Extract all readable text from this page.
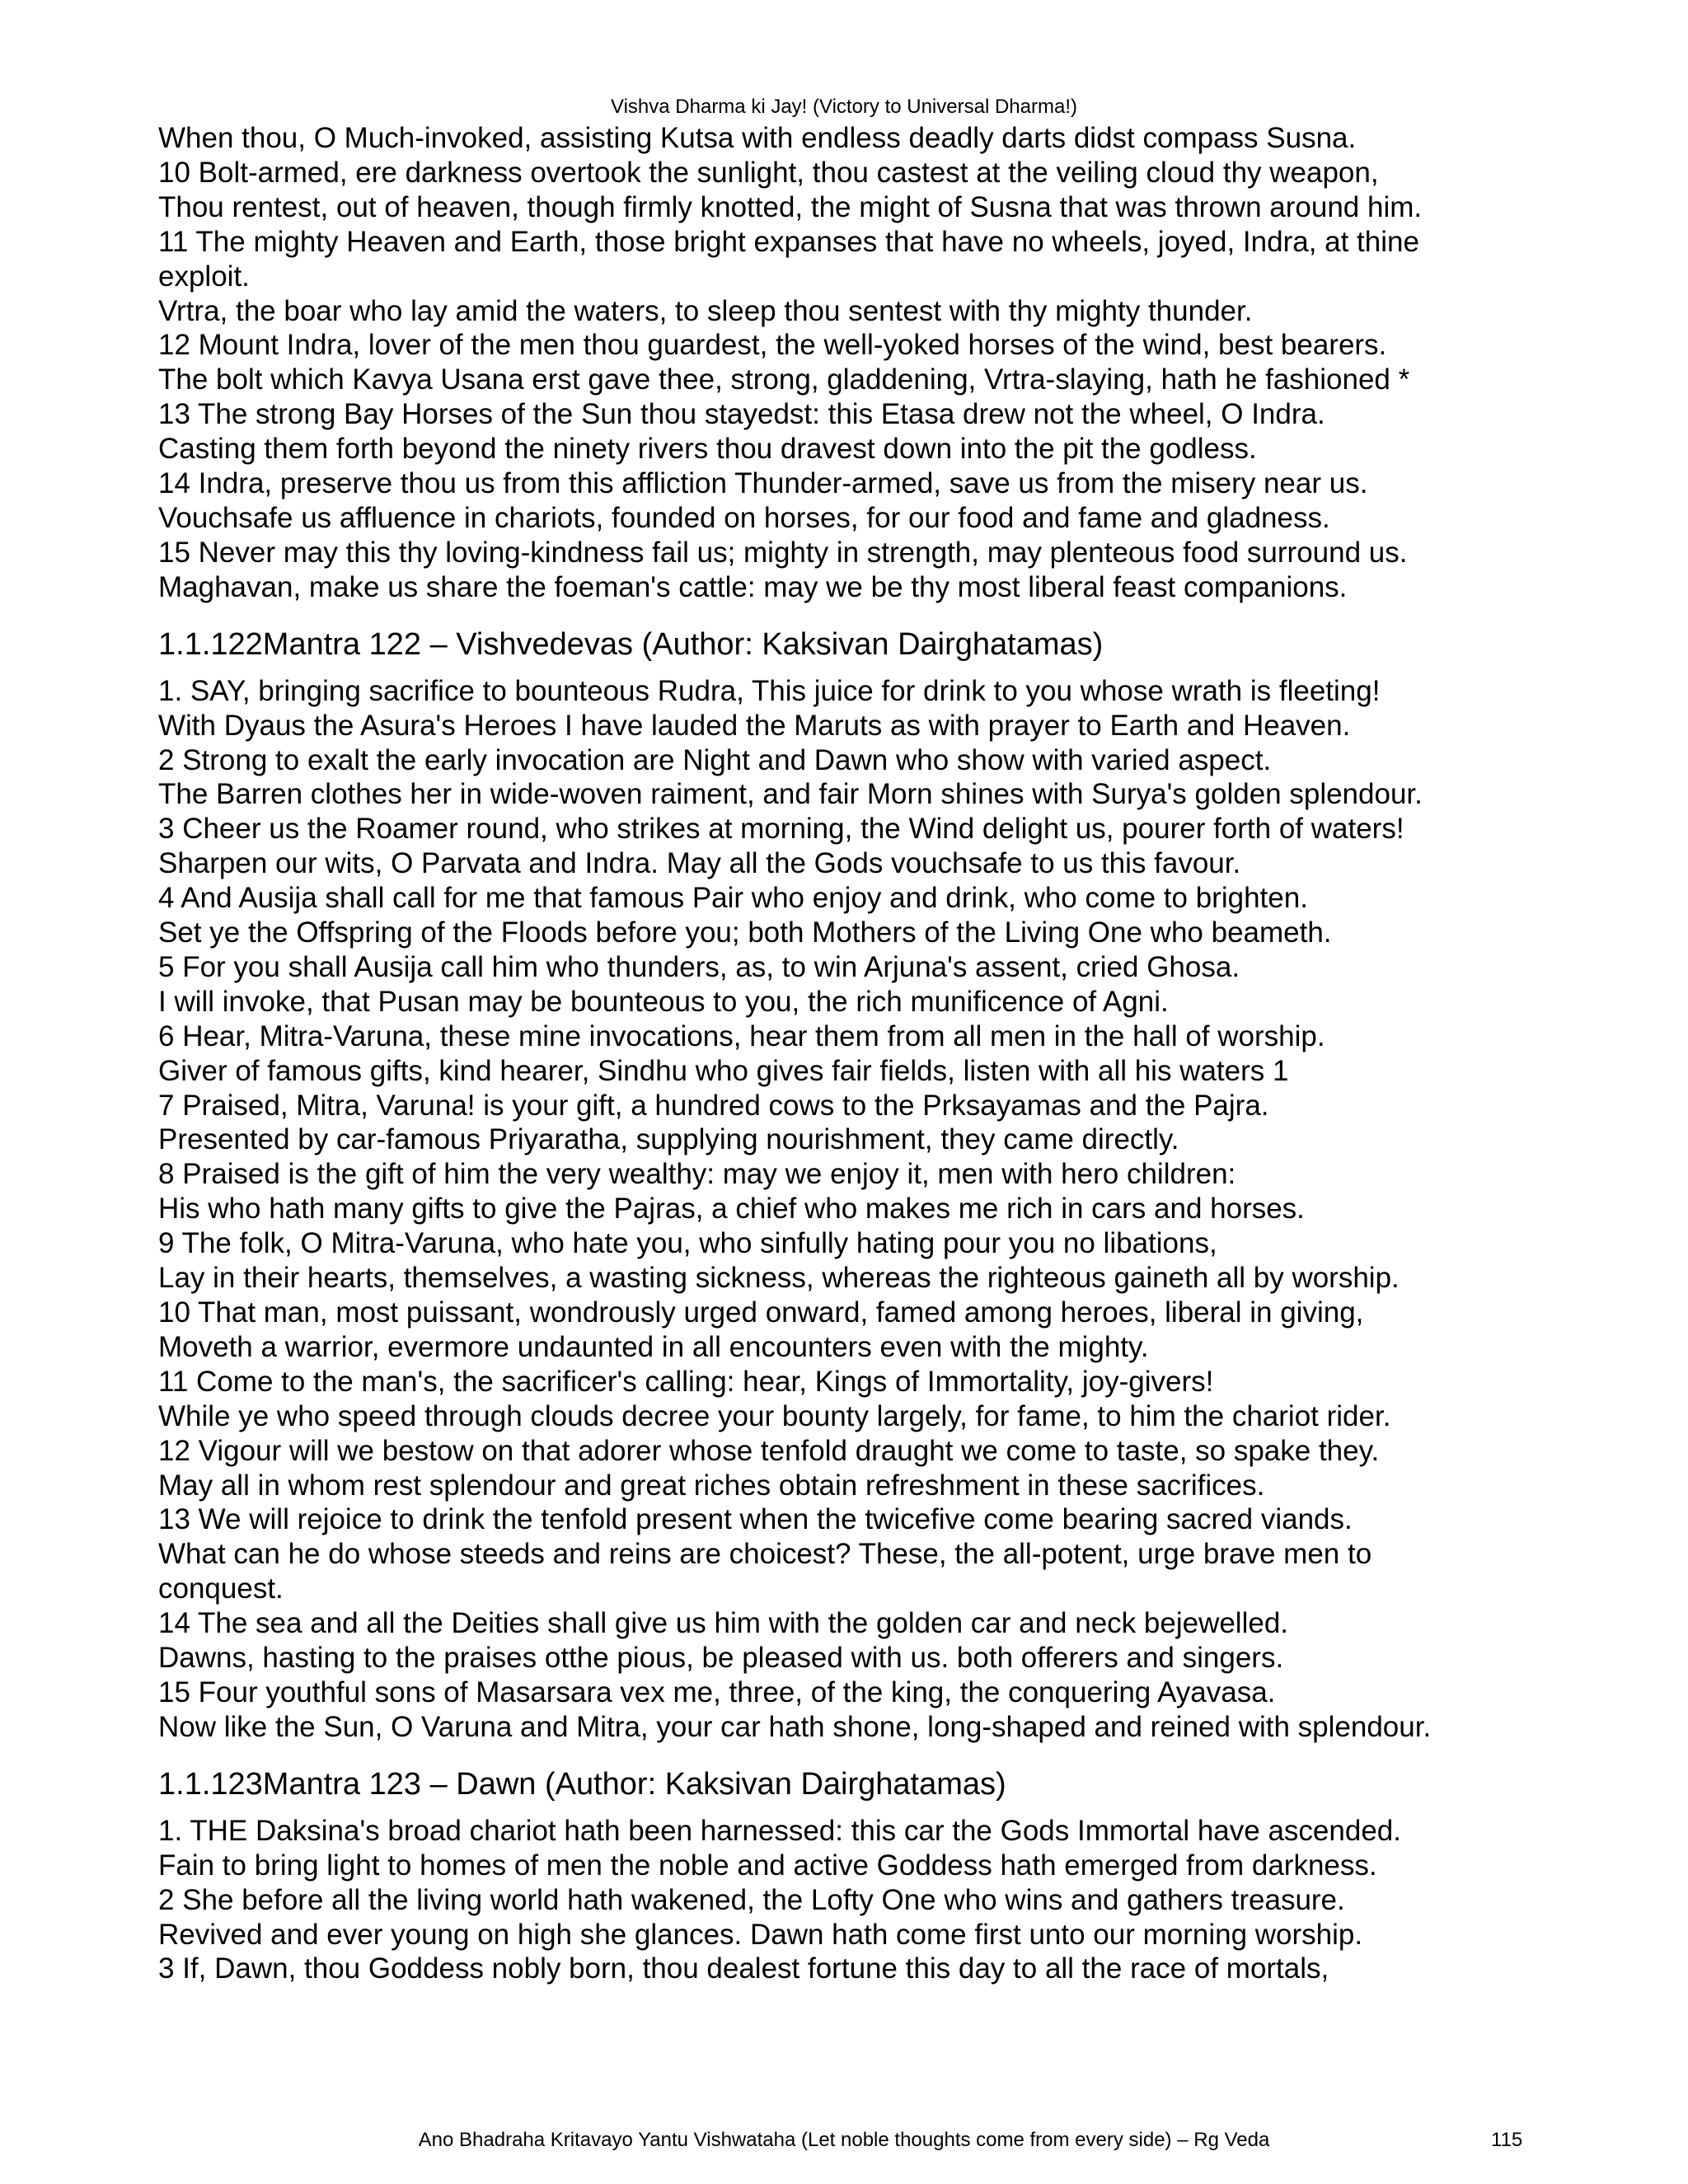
Vishva Dharma ki Jay! (Victory to Universal Dharma!)
When thou, O Much-invoked, assisting Kutsa with endless deadly darts didst compass Susna.
10 Bolt-armed, ere darkness overtook the sunlight, thou castest at the veiling cloud thy weapon,
Thou rentest, out of heaven, though firmly knotted, the might of Susna that was thrown around him.
11 The mighty Heaven and Earth, those bright expanses that have no wheels, joyed, Indra, at thine
exploit.
Vrtra, the boar who lay amid the waters, to sleep thou sentest with thy mighty thunder.
12 Mount Indra, lover of the men thou guardest, the well-yoked horses of the wind, best bearers.
The bolt which Kavya Usana erst gave thee, strong, gladdening, Vrtra-slaying, hath he fashioned *
13 The strong Bay Horses of the Sun thou stayedst: this Etasa drew not the wheel, O Indra.
Casting them forth beyond the ninety rivers thou dravest down into the pit the godless.
14 Indra, preserve thou us from this affliction Thunder-armed, save us from the misery near us.
Vouchsafe us affluence in chariots, founded on horses, for our food and fame and gladness.
15 Never may this thy loving-kindness fail us; mighty in strength, may plenteous food surround us.
Maghavan, make us share the foeman's cattle: may we be thy most liberal feast companions.
1.1.122Mantra 122 – Vishvedevas (Author: Kaksivan Dairghatamas)
1. SAY, bringing sacrifice to bounteous Rudra, This juice for drink to you whose wrath is fleeting!
With Dyaus the Asura's Heroes I have lauded the Maruts as with prayer to Earth and Heaven.
2 Strong to exalt the early invocation are Night and Dawn who show with varied aspect.
The Barren clothes her in wide-woven raiment, and fair Morn shines with Surya's golden splendour.
3 Cheer us the Roamer round, who strikes at morning, the Wind delight us, pourer forth of waters!
Sharpen our wits, O Parvata and Indra. May all the Gods vouchsafe to us this favour.
4 And Ausija shall call for me that famous Pair who enjoy and drink, who come to brighten.
Set ye the Offspring of the Floods before you; both Mothers of the Living One who beameth.
5 For you shall Ausija call him who thunders, as, to win Arjuna's assent, cried Ghosa.
I will invoke, that Pusan may be bounteous to you, the rich munificence of Agni.
6 Hear, Mitra-Varuna, these mine invocations, hear them from all men in the hall of worship.
Giver of famous gifts, kind hearer, Sindhu who gives fair fields, listen with all his waters 1
7 Praised, Mitra, Varuna! is your gift, a hundred cows to the Prksayamas and the Pajra.
Presented by car-famous Priyaratha, supplying nourishment, they came directly.
8 Praised is the gift of him the very wealthy: may we enjoy it, men with hero children:
His who hath many gifts to give the Pajras, a chief who makes me rich in cars and horses.
9 The folk, O Mitra-Varuna, who hate you, who sinfully hating pour you no libations,
Lay in their hearts, themselves, a wasting sickness, whereas the righteous gaineth all by worship.
10 That man, most puissant, wondrously urged onward, famed among heroes, liberal in giving,
Moveth a warrior, evermore undaunted in all encounters even with the mighty.
11 Come to the man's, the sacrificer's calling: hear, Kings of Immortality, joy-givers!
While ye who speed through clouds decree your bounty largely, for fame, to him the chariot rider.
12 Vigour will we bestow on that adorer whose tenfold draught we come to taste, so spake they.
May all in whom rest splendour and great riches obtain refreshment in these sacrifices.
13 We will rejoice to drink the tenfold present when the twicefive come bearing sacred viands.
What can he do whose steeds and reins are choicest? These, the all-potent, urge brave men to
conquest.
14 The sea and all the Deities shall give us him with the golden car and neck bejewelled.
Dawns, hasting to the praises otthe pious, be pleased with us. both offerers and singers.
15 Four youthful sons of Masarsara vex me, three, of the king, the conquering Ayavasa.
Now like the Sun, O Varuna and Mitra, your car hath shone, long-shaped and reined with splendour.
1.1.123Mantra 123 – Dawn (Author: Kaksivan Dairghatamas)
1. THE Daksina's broad chariot hath been harnessed: this car the Gods Immortal have ascended.
Fain to bring light to homes of men the noble and active Goddess hath emerged from darkness.
2 She before all the living world hath wakened, the Lofty One who wins and gathers treasure.
Revived and ever young on high she glances. Dawn hath come first unto our morning worship.
3 If, Dawn, thou Goddess nobly born, thou dealest fortune this day to all the race of mortals,
Ano Bhadraha Kritavayo Yantu Vishwataha (Let noble thoughts come from every side) – Rg Veda	115
